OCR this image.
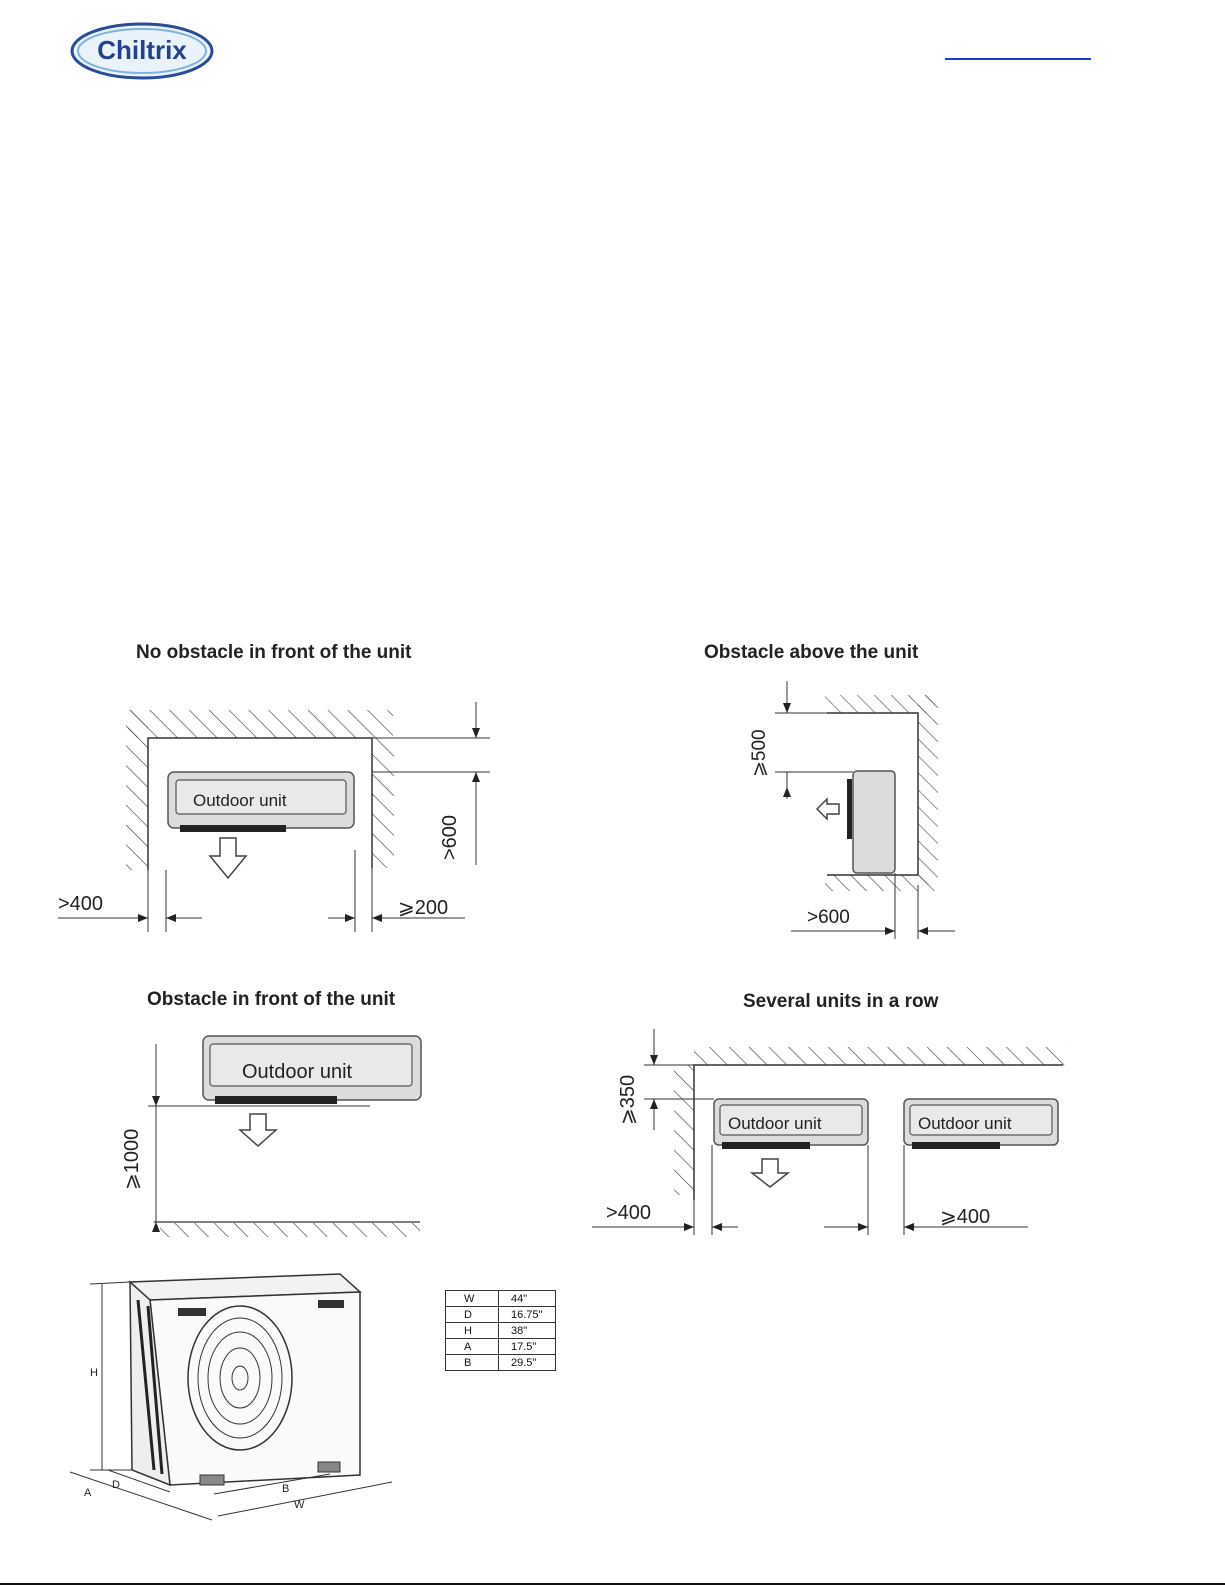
Chiltrix
No obstacle in front of the unit
Outdoor unit
>600
>400	⩾200
Obstacle above the unit
⩾500
>600
Obstacle in front of the unit
Outdoor unit
⩾1000
Several units in a row
Outdoor unit	Outdoor unit
⩾350
>400	⩾400
H
D
A	B
W
W	44"
D	16.75"
H	38"
A	17.5"
B	29.5"
